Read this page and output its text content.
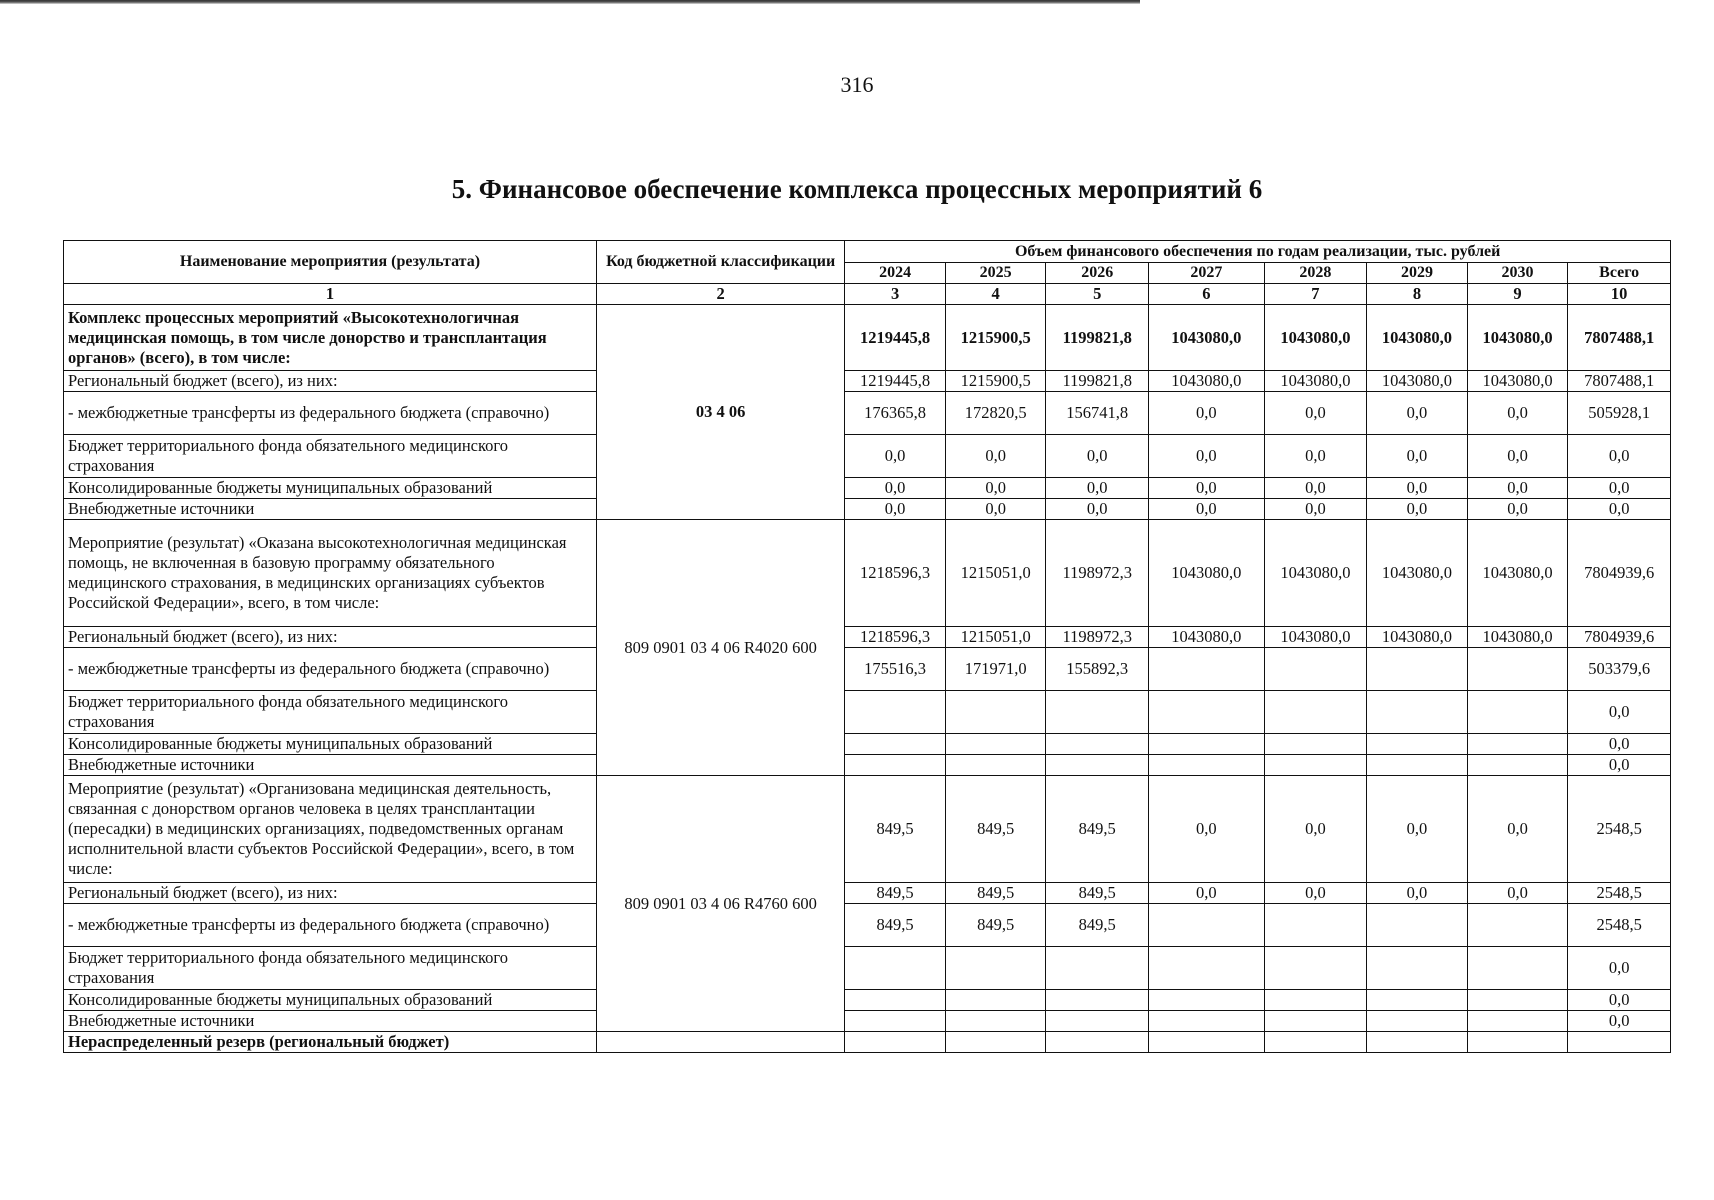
316
5. Финансовое обеспечение комплекса процессных мероприятий 6
Наименование мероприятия (результата)	Код бюджетной классификации	Объем финансового обеспечения по годам реализации, тыс. рублей							
		2024	2025	2026	2027	2028	2029	2030	Всего
1	2	3	4	5	6	7	8	9	10
Комплекс процессных мероприятий «Высокотехнологичная медицинская помощь, в том числе донорство и трансплантация органов» (всего), в том числе:	03 4 06	1219445,8	1215900,5	1199821,8	1043080,0	1043080,0	1043080,0	1043080,0	7807488,1
Региональный бюджет (всего), из них:		1219445,8	1215900,5	1199821,8	1043080,0	1043080,0	1043080,0	1043080,0	7807488,1
- межбюджетные трансферты из федерального бюджета (справочно)		176365,8	172820,5	156741,8	0,0	0,0	0,0	0,0	505928,1
Бюджет территориального фонда обязательного медицинского страхования		0,0	0,0	0,0	0,0	0,0	0,0	0,0	0,0
Консолидированные бюджеты муниципальных образований		0,0	0,0	0,0	0,0	0,0	0,0	0,0	0,0
Внебюджетные источники		0,0	0,0	0,0	0,0	0,0	0,0	0,0	0,0
Мероприятие (результат) «Оказана высокотехнологичная медицинская помощь, не включенная в базовую программу обязательного медицинского страхования, в медицинских организациях субъектов Российской Федерации», всего, в том числе:	809 0901 03 4 06 R4020 600	1218596,3	1215051,0	1198972,3	1043080,0	1043080,0	1043080,0	1043080,0	7804939,6
Региональный бюджет (всего), из них:		1218596,3	1215051,0	1198972,3	1043080,0	1043080,0	1043080,0	1043080,0	7804939,6
- межбюджетные трансферты из федерального бюджета (справочно)		175516,3	171971,0	155892,3					503379,6
Бюджет территориального фонда обязательного медицинского страхования									0,0
Консолидированные бюджеты муниципальных образований									0,0
Внебюджетные источники									0,0
Мероприятие (результат) «Организована медицинская деятельность, связанная с донорством органов человека в целях трансплантации (пересадки) в медицинских организациях, подведомственных органам исполнительной власти субъектов Российской Федерации», всего, в том числе:	809 0901 03 4 06 R4760 600	849,5	849,5	849,5	0,0	0,0	0,0	0,0	2548,5
Региональный бюджет (всего), из них:		849,5	849,5	849,5	0,0	0,0	0,0	0,0	2548,5
- межбюджетные трансферты из федерального бюджета (справочно)		849,5	849,5	849,5					2548,5
Бюджет территориального фонда обязательного медицинского страхования									0,0
Консолидированные бюджеты муниципальных образований									0,0
Внебюджетные источники									0,0
Нераспределенный резерв (региональный бюджет)									
